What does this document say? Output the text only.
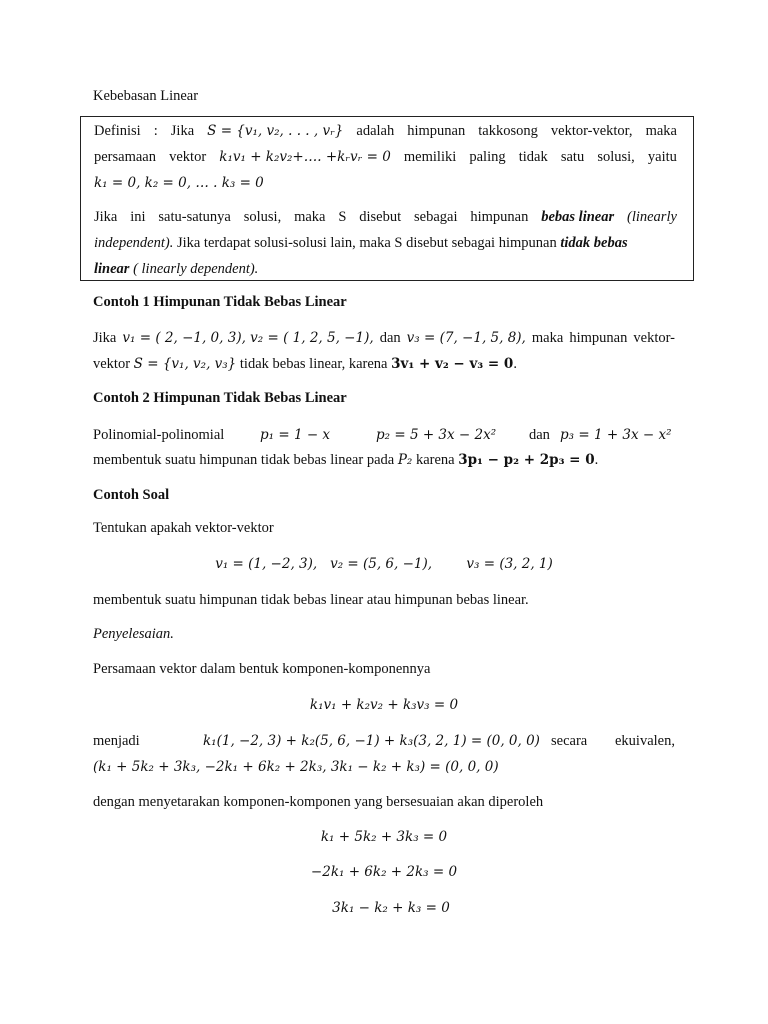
Kebebasan Linear
Definisi : Jika S = {v₁, v₂, . . . , vᵣ} adalah himpunan takkosong vektor-vektor, maka
persamaan vektor k₁v₁ + k₂v₂+…. +kᵣvᵣ = 0 memiliki paling tidak satu solusi, yaitu
k₁ = 0, k₂ = 0, … . k₃ = 0
Jika ini satu-satunya solusi, maka S disebut sebagai himpunan bebas linear (linearly
independent). Jika terdapat solusi-solusi lain, maka S disebut sebagai himpunan tidak bebas
linear ( linearly dependent).
Contoh 1 Himpunan Tidak Bebas Linear
Jika v₁ = ( 2, −1, 0, 3), v₂ = ( 1, 2, 5, −1), dan v₃ = (7, −1, 5, 8), maka himpunan vektor-
vektor S = {v₁, v₂, v₃} tidak bebas linear, karena 3v₁ + v₂ − v₃ = 0.
Contoh 2 Himpunan Tidak Bebas Linear
Polinomial-polinomial	p₁ = 1 − x	p₂ = 5 + 3x − 2x² dan p₃ = 1 + 3x − x²
membentuk suatu himpunan tidak bebas linear pada P₂ karena 3p₁ − p₂ + 2p₃ = 0.
Contoh Soal
Tentukan apakah vektor-vektor
v₁ = (1, −2, 3),   v₂ = (5, 6, −1),        v₃ = (3, 2, 1)
membentuk suatu himpunan tidak bebas linear atau himpunan bebas linear.
Penyelesaian.
Persamaan vektor dalam bentuk komponen-komponennya
k₁v₁ + k₂v₂ + k₃v₃ = 0
menjadi	k₁(1, −2, 3) + k₂(5, 6, −1) + k₃(3, 2, 1) = (0, 0, 0) secara ekuivalen,
(k₁ + 5k₂ + 3k₃, −2k₁ + 6k₂ + 2k₃, 3k₁ − k₂ + k₃) = (0, 0, 0)
dengan menyetarakan komponen-komponen yang bersesuaian akan diperoleh
k₁ + 5k₂ + 3k₃ = 0
−2k₁ + 6k₂ + 2k₃ = 0
3k₁ − k₂ + k₃ = 0
